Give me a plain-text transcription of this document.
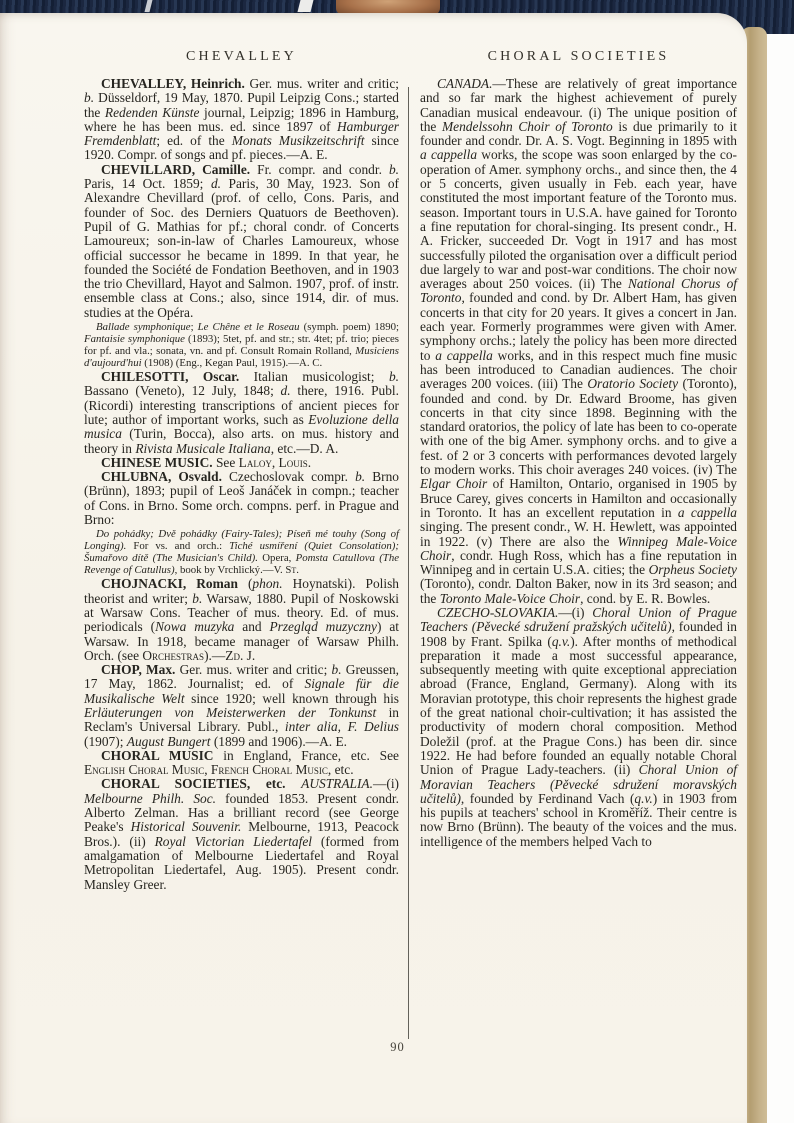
CHEVALLEY

CHEVALLEY, Heinrich. Ger. mus. writer and critic; b. Düsseldorf, 19 May, 1870. Pupil Leipzig Cons.; started the Redenden Künste journal, Leipzig; 1896 in Hamburg, where he has been mus. ed. since 1897 of Hamburger Fremdenblatt; ed. of the Monats Musikzeitschrift since 1920. Compr. of songs and pf. pieces.—A. E.

CHEVILLARD, Camille. Fr. compr. and condr. b. Paris, 14 Oct. 1859; d. Paris, 30 May, 1923. Son of Alexandre Chevillard (prof. of cello, Cons. Paris, and founder of Soc. des Derniers Quatuors de Beethoven). Pupil of G. Mathias for pf.; choral condr. of Concerts Lamoureux; son-in-law of Charles Lamoureux, whose official successor he became in 1899. In that year, he founded the Société de Fondation Beethoven, and in 1903 the trio Chevillard, Hayot and Salmon. 1907, prof. of instr. ensemble class at Cons.; also, since 1914, dir. of mus. studies at the Opéra.

Ballade symphonique; Le Chêne et le Roseau (symph. poem) 1890; Fantaisie symphonique (1893); 5tet, pf. and str.; str. 4tet; pf. trio; pieces for pf. and vla.; sonata, vn. and pf. Consult Romain Rolland, Musiciens d'aujourd'hui (1908) (Eng., Kegan Paul, 1915).—A. C.

CHILESOTTI, Oscar. Italian musicologist; b. Bassano (Veneto), 12 July, 1848; d. there, 1916. Publ. (Ricordi) interesting transcriptions of ancient pieces for lute; author of important works, such as Evoluzione della musica (Turin, Bocca), also arts. on mus. history and theory in Rivista Musicale Italiana, etc.—D. A.

CHINESE MUSIC. See Laloy, Louis.

CHLUBNA, Osvald. Czechoslovak compr. b. Brno (Brünn), 1893; pupil of Leoš Janáček in compn.; teacher of Cons. in Brno. Some orch. compns. perf. in Prague and Brno:

Do pohádky; Dvě pohádky (Fairy-Tales); Píseň mé touhy (Song of Longing). For vs. and orch.: Tiché usmíření (Quiet Consolation); Šumařovo dítě (The Musician's Child). Opera, Pomsta Catullova (The Revenge of Catullus), book by Vrchlický.—V. St.

CHOJNACKI, Roman (phon. Hoynatski). Polish theorist and writer; b. Warsaw, 1880. Pupil of Noskowski at Warsaw Cons. Teacher of mus. theory. Ed. of mus. periodicals (Nowa muzyka and Przegląd muzyczny) at Warsaw. In 1918, became manager of Warsaw Philh. Orch. (see Orchestras).—Zd. J.

CHOP, Max. Ger. mus. writer and critic; b. Greussen, 17 May, 1862. Journalist; ed. of Signale für die Musikalische Welt since 1920; well known through his Erläuterungen von Meisterwerken der Tonkunst in Reclam's Universal Library. Publ., inter alia, F. Delius (1907); August Bungert (1899 and 1906).—A. E.

CHORAL MUSIC in England, France, etc. See English Choral Music, French Choral Music, etc.

CHORAL SOCIETIES, etc. AUSTRALIA.—(i) Melbourne Philh. Soc. founded 1853. Present condr. Alberto Zelman. Has a brilliant record (see George Peake's Historical Souvenir. Melbourne, 1913, Peacock Bros.). (ii) Royal Victorian Liedertafel (formed from amalgamation of Melbourne Liedertafel and Royal Metropolitan Liedertafel, Aug. 1905). Present condr. Mansley Greer.

CHORAL SOCIETIES

CANADA.—These are relatively of great importance and so far mark the highest achievement of purely Canadian musical endeavour. (i) The unique position of the Mendelssohn Choir of Toronto is due primarily to it founder and condr. Dr. A. S. Vogt. Beginning in 1895 with a cappella works, the scope was soon enlarged by the co-operation of Amer. symphony orchs., and since then, the 4 or 5 concerts, given usually in Feb. each year, have constituted the most important feature of the Toronto mus. season. Important tours in U.S.A. have gained for Toronto a fine reputation for choral-singing. Its present condr., H. A. Fricker, succeeded Dr. Vogt in 1917 and has most successfully piloted the organisation over a difficult period due largely to war and post-war conditions. The choir now averages about 250 voices. (ii) The National Chorus of Toronto, founded and cond. by Dr. Albert Ham, has given concerts in that city for 20 years. It gives a concert in Jan. each year. Formerly programmes were given with Amer. symphony orchs.; lately the policy has been more directed to a cappella works, and in this respect much fine music has been introduced to Canadian audiences. The choir averages 200 voices. (iii) The Oratorio Society (Toronto), founded and cond. by Dr. Edward Broome, has given concerts in that city since 1898. Beginning with the standard oratorios, the policy of late has been to co-operate with one of the big Amer. symphony orchs. and to give a fest. of 2 or 3 concerts with performances devoted largely to modern works. This choir averages 240 voices. (iv) The Elgar Choir of Hamilton, Ontario, organised in 1905 by Bruce Carey, gives concerts in Hamilton and occasionally in Toronto. It has an excellent reputation in a cappella singing. The present condr., W. H. Hewlett, was appointed in 1922. (v) There are also the Winnipeg Male-Voice Choir, condr. Hugh Ross, which has a fine reputation in Winnipeg and in certain U.S.A. cities; the Orpheus Society (Toronto), condr. Dalton Baker, now in its 3rd season; and the Toronto Male-Voice Choir, cond. by E. R. Bowles.

CZECHO-SLOVAKIA.—(i) Choral Union of Prague Teachers (Pěvecké sdružení pražských učitelů), founded in 1908 by Frant. Spilka (q.v.). After months of methodical preparation it made a most successful appearance, subsequently meeting with quite exceptional appreciation abroad (France, England, Germany). Along with its Moravian prototype, this choir represents the highest grade of the great national choir-cultivation; it has assisted the productivity of modern choral composition. Method Doležil (prof. at the Prague Cons.) has been dir. since 1922. He had before founded an equally notable Choral Union of Prague Lady-teachers. (ii) Choral Union of Moravian Teachers (Pěvecké sdružení moravských učitelů), founded by Ferdinand Vach (q.v.) in 1903 from his pupils at teachers' school in Kroměříž. Their centre is now Brno (Brünn). The beauty of the voices and the mus. intelligence of the members helped Vach to

90
